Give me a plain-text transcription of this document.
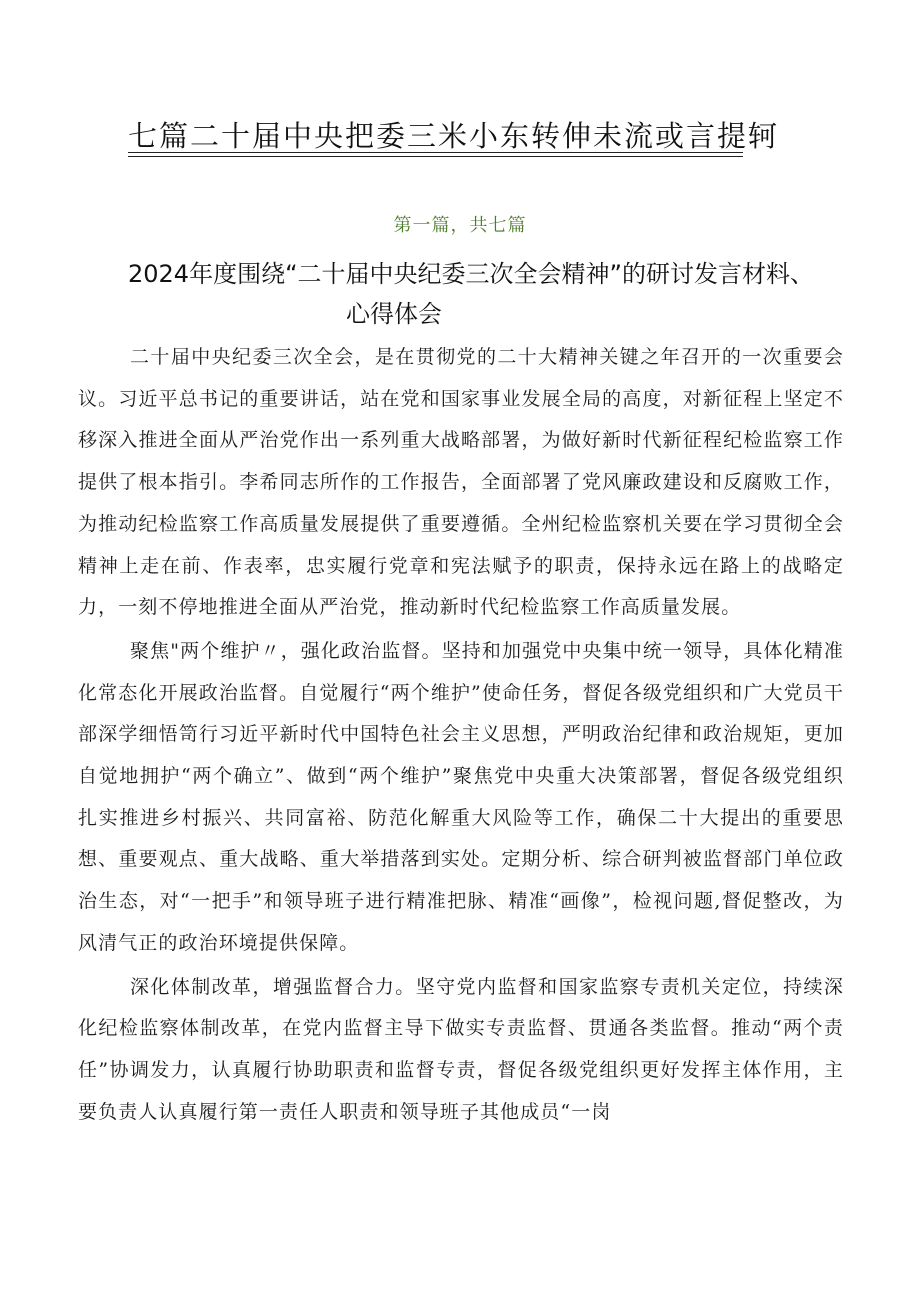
七篇二十届中央把委三米小东转伸未流或言提轲
第一篇，共七篇
2024年度围绕“二十届中央纪委三次全会精神”的研讨发言材料、
心得体会

二十届中央纪委三次全会，是在贯彻党的二十大精神关键之年召开的一次重要会议。习近平总书记的重要讲话，站在党和国家事业发展全局的高度，对新征程上坚定不移深入推进全面从严治党作出一系列重大战略部署，为做好新时代新征程纪检监察工作提供了根本指引。李希同志所作的工作报告，全面部署了党风廉政建设和反腐败工作，为推动纪检监察工作高质量发展提供了重要遵循。全州纪检监察机关要在学习贯彻全会精神上走在前、作表率，忠实履行党章和宪法赋予的职责，保持永远在路上的战略定力，一刻不停地推进全面从严治党，推动新时代纪检监察工作高质量发展。

聚焦"两个维护〃，强化政治监督。坚持和加强党中央集中统一领导，具体化精准化常态化开展政治监督。自觉履行“两个维护”使命任务，督促各级党组织和广大党员干部深学细悟笥行习近平新时代中国特色社会主义思想，严明政治纪律和政治规矩，更加自觉地拥护“两个确立”、做到“两个维护”聚焦党中央重大决策部署，督促各级党组织扎实推进乡村振兴、共同富裕、防范化解重大风险等工作，确保二十大提出的重要思想、重要观点、重大战略、重大举措落到实处。定期分析、综合研判被监督部门单位政治生态，对“一把手”和领导班子进行精准把脉、精准“画像”，检视问题,督促整改，为风清气正的政治环境提供保障。

深化体制改革，增强监督合力。坚守党内监督和国家监察专责机关定位，持续深化纪检监察体制改革，在党内监督主导下做实专责监督、贯通各类监督。推动“两个责任”协调发力，认真履行协助职责和监督专责，督促各级党组织更好发挥主体作用，主要负责人认真履行第一责任人职责和领导班子其他成员“一岗
